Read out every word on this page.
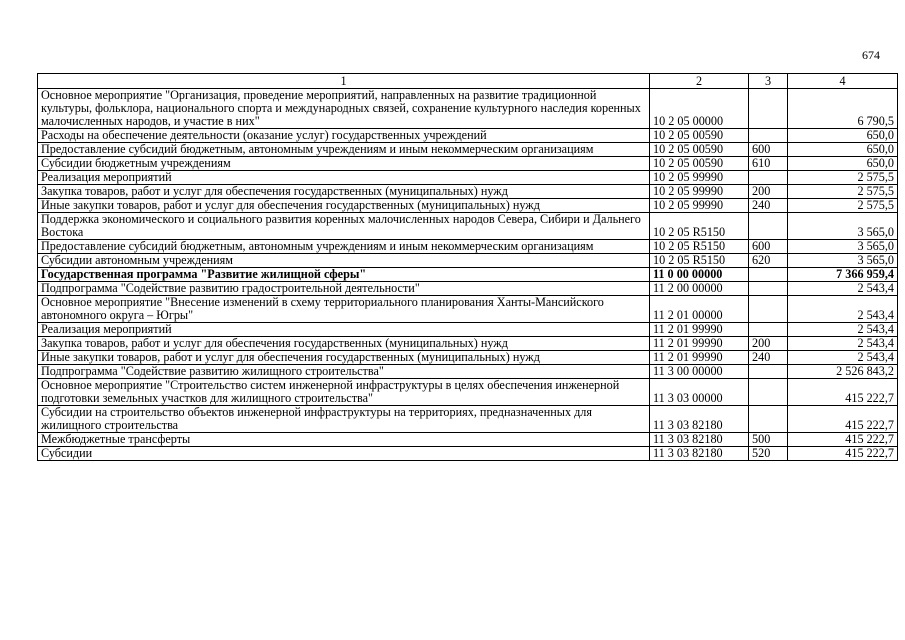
674
1	2	3	4
Основное мероприятие "Организация, проведение мероприятий, направленных на развитие традиционной культуры, фольклора, национального спорта и международных связей, сохранение культурного наследия коренных малочисленных народов, и участие в них"	10 2 05 00000		6 790,5
Расходы на обеспечение деятельности (оказание услуг) государственных учреждений	10 2 05 00590		650,0
Предоставление субсидий бюджетным, автономным учреждениям и иным некоммерческим организациям	10 2 05 00590	600	650,0
Субсидии бюджетным учреждениям	10 2 05 00590	610	650,0
Реализация мероприятий	10 2 05 99990		2 575,5
Закупка товаров, работ и услуг для обеспечения государственных (муниципальных) нужд	10 2 05 99990	200	2 575,5
Иные закупки товаров, работ и услуг для обеспечения государственных (муниципальных) нужд	10 2 05 99990	240	2 575,5
Поддержка экономического и социального развития коренных малочисленных народов Севера, Сибири и Дальнего Востока	10 2 05 R5150		3 565,0
Предоставление субсидий бюджетным, автономным учреждениям и иным некоммерческим организациям	10 2 05 R5150	600	3 565,0
Субсидии автономным учреждениям	10 2 05 R5150	620	3 565,0
Государственная программа "Развитие жилищной сферы"	11 0 00 00000		7 366 959,4
Подпрограмма "Содействие развитию градостроительной деятельности"	11 2 00 00000		2 543,4
Основное мероприятие "Внесение изменений в схему территориального планирования Ханты-Мансийского автономного округа – Югры"	11 2 01 00000		2 543,4
Реализация мероприятий	11 2 01 99990		2 543,4
Закупка товаров, работ и услуг для обеспечения государственных (муниципальных) нужд	11 2 01 99990	200	2 543,4
Иные закупки товаров, работ и услуг для обеспечения государственных (муниципальных) нужд	11 2 01 99990	240	2 543,4
Подпрограмма "Содействие развитию жилищного строительства"	11 3 00 00000		2 526 843,2
Основное мероприятие "Строительство систем инженерной инфраструктуры в целях обеспечения инженерной подготовки земельных участков для жилищного строительства"	11 3 03 00000		415 222,7
Субсидии на строительство объектов инженерной инфраструктуры на территориях, предназначенных для жилищного строительства	11 3 03 82180		415 222,7
Межбюджетные трансферты	11 3 03 82180	500	415 222,7
Субсидии	11 3 03 82180	520	415 222,7
